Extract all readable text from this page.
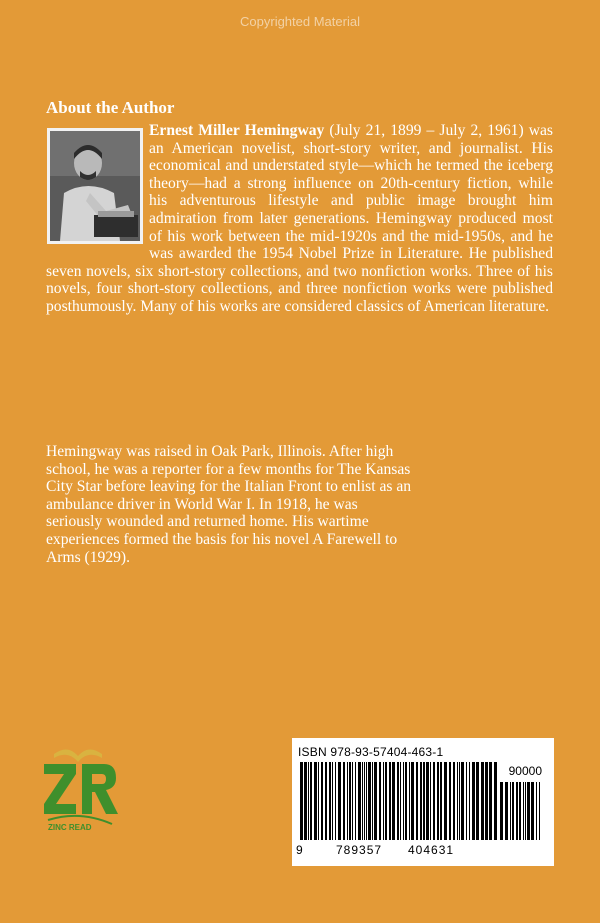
Copyrighted Material
About the Author

Ernest Miller Hemingway (July 21, 1899 – July 2, 1961) was an American novelist, short-story writer, and journalist. His economical and understated style—which he termed the iceberg theory—had a strong influence on 20th-century fiction, while his adventurous lifestyle and public image brought him admiration from later generations. Hemingway produced most of his work between the mid-1920s and the mid-1950s, and he was awarded the 1954 Nobel Prize in Literature. He published seven novels, six short-story collections, and two nonfiction works. Three of his novels, four short-story collections, and three nonfiction works were published posthumously. Many of his works are considered classics of American literature.

Hemingway was raised in Oak Park, Illinois. After high school, he was a reporter for a few months for The Kansas City Star before leaving for the Italian Front to enlist as an ambulance driver in World War I. In 1918, he was seriously wounded and returned home. His wartime experiences formed the basis for his novel A Farewell to Arms (1929).

ZINC READ
ISBN 978-93-57404-463-1
90000
9	789357 404631
